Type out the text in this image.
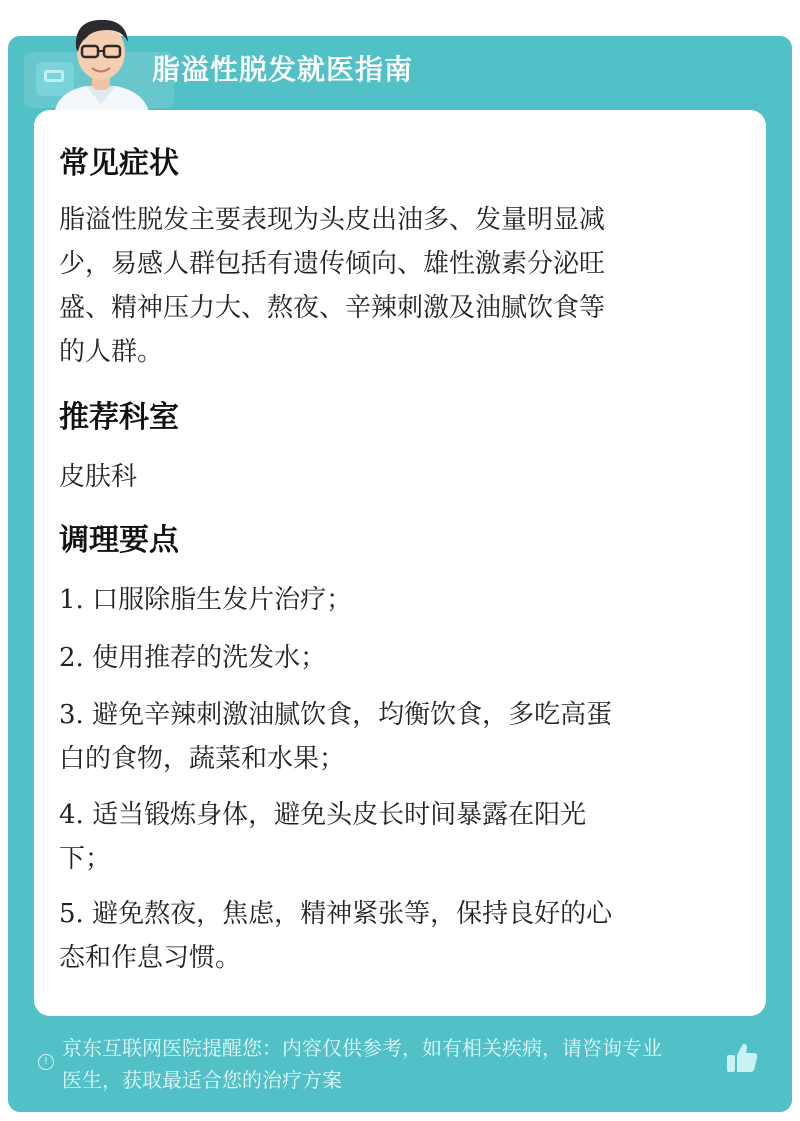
脂溢性脱发就医指南
常见症状
脂溢性脱发主要表现为头皮出油多、发量明显减
少，易感人群包括有遗传倾向、雄性激素分泌旺
盛、精神压力大、熬夜、辛辣刺激及油腻饮食等
的人群。
推荐科室
皮肤科
调理要点
1. 口服除脂生发片治疗；
2. 使用推荐的洗发水；
3. 避免辛辣刺激油腻饮食，均衡饮食，多吃高蛋
白的食物，蔬菜和水果；
4. 适当锻炼身体，避免头皮长时间暴露在阳光
下；
5. 避免熬夜，焦虑，精神紧张等，保持良好的心
态和作息习惯。
!
京东互联网医院提醒您：内容仅供参考，如有相关疾病，请咨询专业
医生，获取最适合您的治疗方案
